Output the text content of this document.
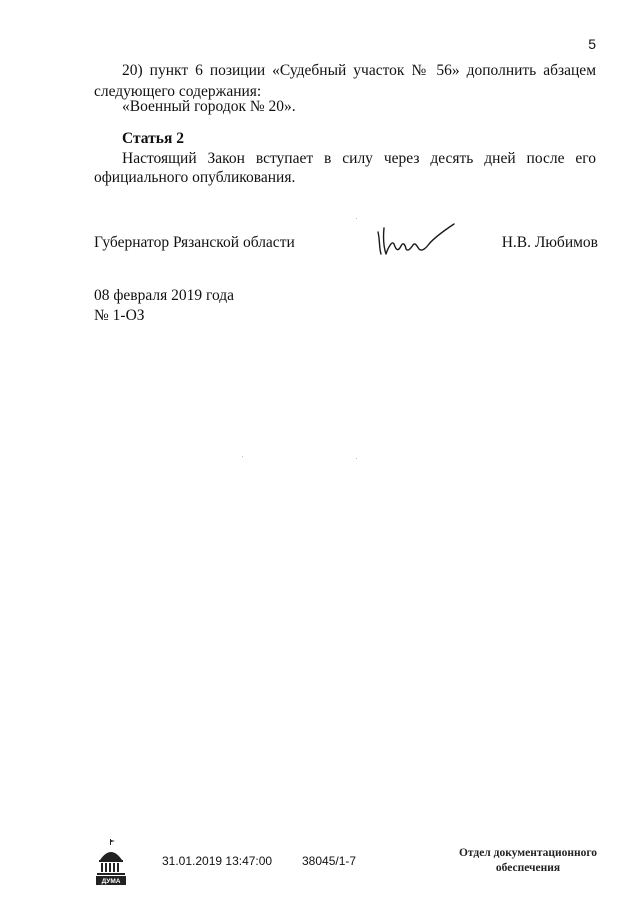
5
20) пункт 6 позиции «Судебный участок № 56» дополнить абзацем
следующего содержания:
«Военный городок № 20».
Статья 2
Настоящий Закон вступает в силу через десять дней после его
официального опубликования.
Губернатор Рязанской области	Н.В. Любимов
08 февраля 2019 года
№ 1-ОЗ
ДУМА
31.01.2019 13:47:00 38045/1-7
Отдел документационного
обеспечения
